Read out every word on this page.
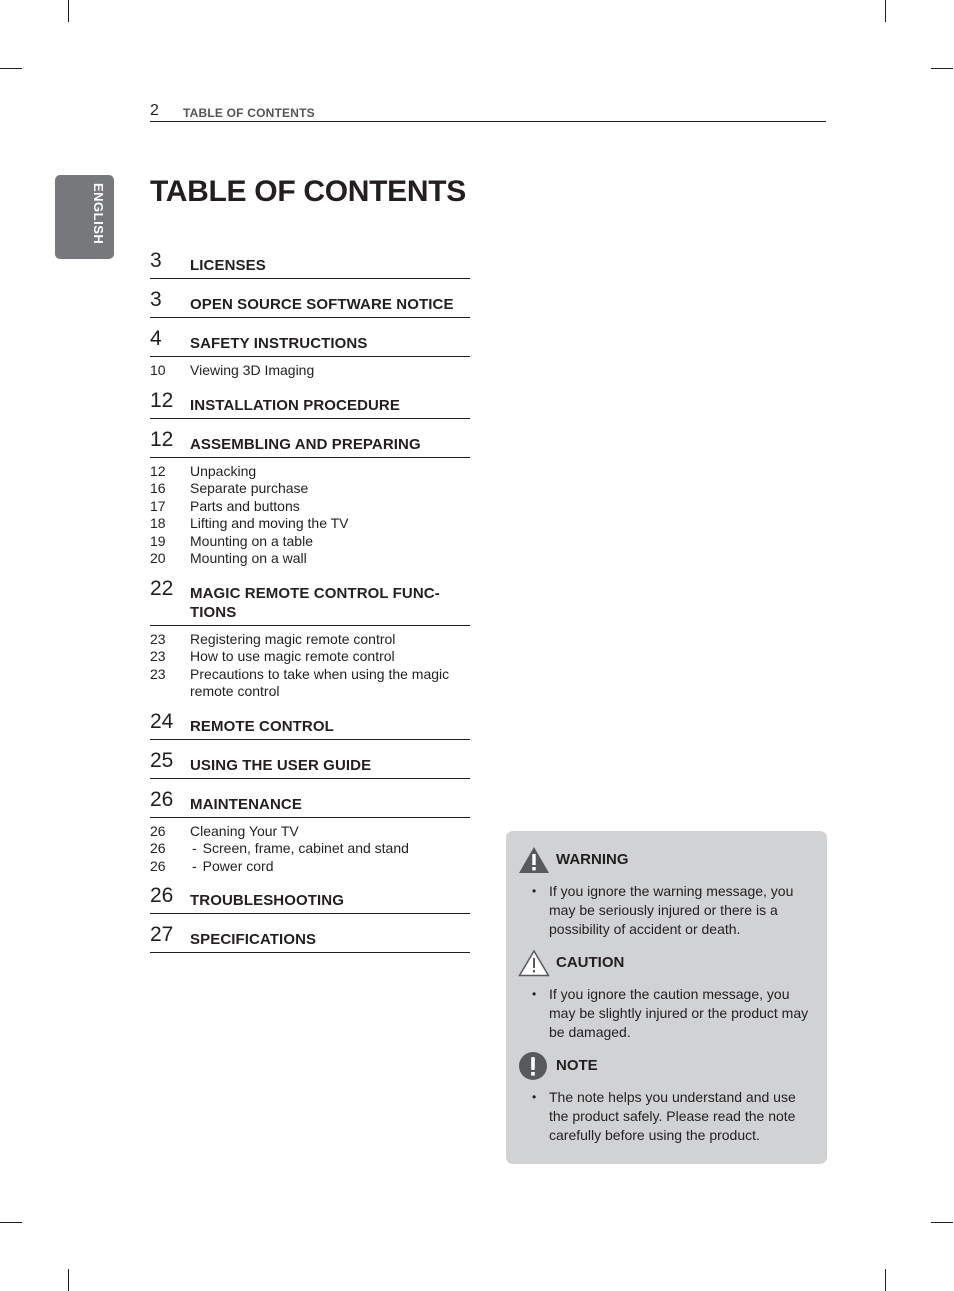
2 TABLE OF CONTENTS
ENGLISH TABLE OF CONTENTS
3	LICENSES
3	OPEN SOURCE SOFTWARE NOTICE
4	SAFETY INSTRUCTIONS
10	Viewing 3D Imaging
12	INSTALLATION PROCEDURE
12	ASSEMBLING AND PREPARING
12	Unpacking
16	Separate purchase
17	Parts and buttons
18	Lifting and moving the TV
19	Mounting on a table
20	Mounting on a wall
22	MAGIC REMOTE CONTROL FUNC-TIONS
23	Registering magic remote control
23	How to use magic remote control
23	Precautions to take when using the magic remote control
24	REMOTE CONTROL
25	USING THE USER GUIDE
26	MAINTENANCE
26	Cleaning Your TV
26	- Screen, frame, cabinet and stand
26	- Power cord
26	TROUBLESHOOTING
27	SPECIFICATIONS
WARNING
• If you ignore the warning message, you may be seriously injured or there is a possibility of accident or death.
CAUTION
• If you ignore the caution message, you may be slightly injured or the product may be damaged.
NOTE
• The note helps you understand and use the product safely. Please read the note carefully before using the product.
